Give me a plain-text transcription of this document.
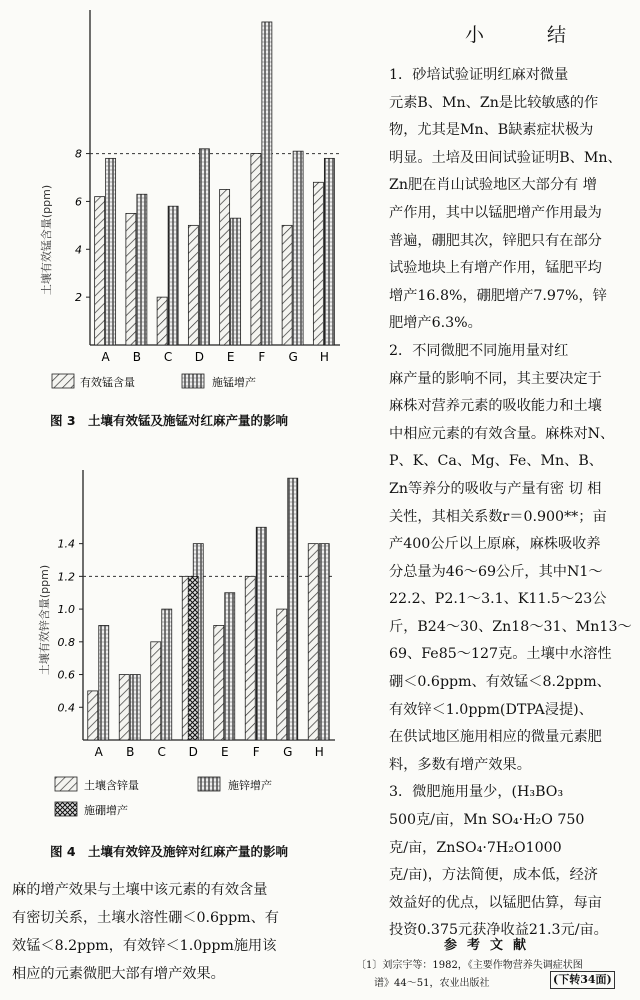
2
4
6
8
A B C D E F G H
土壤有效锰含量(ppm)
有效锰含量	施锰增产
图 3　土壤有效锰及施锰对红麻产量的影响
0.4
0.6
0.8
1.0
1.2
1.4
A B C D E F G H
土壤有效锌含量(ppm)
土壤含锌量	施锌增产
施硼增产
图 4　土壤有效锌及施锌对红麻产量的影响
小　结
1．砂培试验证明红麻对微量
元素B、Mn、Zn是比较敏感的作
物，尤其是Mn、B缺素症状极为
明显。土培及田间试验证明B、Mn、
Zn肥在肖山试验地区大部分有 增
产作用，其中以锰肥增产作用最为
普遍，硼肥其次，锌肥只有在部分
试验地块上有增产作用，锰肥平均
增产16.8%，硼肥增产7.97%，锌
肥增产6.3%。
2．不同微肥不同施用量对红
麻产量的影响不同，其主要决定于
麻株对营养元素的吸收能力和土壤
中相应元素的有效含量。麻株对N、
P、K、Ca、Mg、Fe、Mn、B、
Zn等养分的吸收与产量有密 切 相
关性，其相关系数r＝0.900**；亩
产400公斤以上原麻，麻株吸收养
分总量为46～69公斤，其中N1～
22.2、P2.1～3.1、K11.5～23公
斤，B24～30、Zn18～31、Mn13～
69、Fe85～127克。土壤中水溶性
硼＜0.6ppm、有效锰＜8.2ppm、
有效锌＜1.0ppm(DTPA浸提)、
在供试地区施用相应的微量元素肥
料，多数有增产效果。
3．微肥施用量少，(H₃BO₃
500克/亩，Mn SO₄·H₂O 750
克/亩，ZnSO₄·7H₂O1000
克/亩)，方法简便，成本低，经济
效益好的优点，以锰肥估算，每亩
投资0.375元获净收益21.3元/亩。
麻的增产效果与土壤中该元素的有效含量
有密切关系，土壤水溶性硼＜0.6ppm、有
效锰＜8.2ppm，有效锌＜1.0ppm施用该
相应的元素微肥大部有增产效果。
参考文献
〔1〕刘宗宇等：1982，《主要作物营养失调症状图
谱》44～51，农业出版社	(下转34面)
